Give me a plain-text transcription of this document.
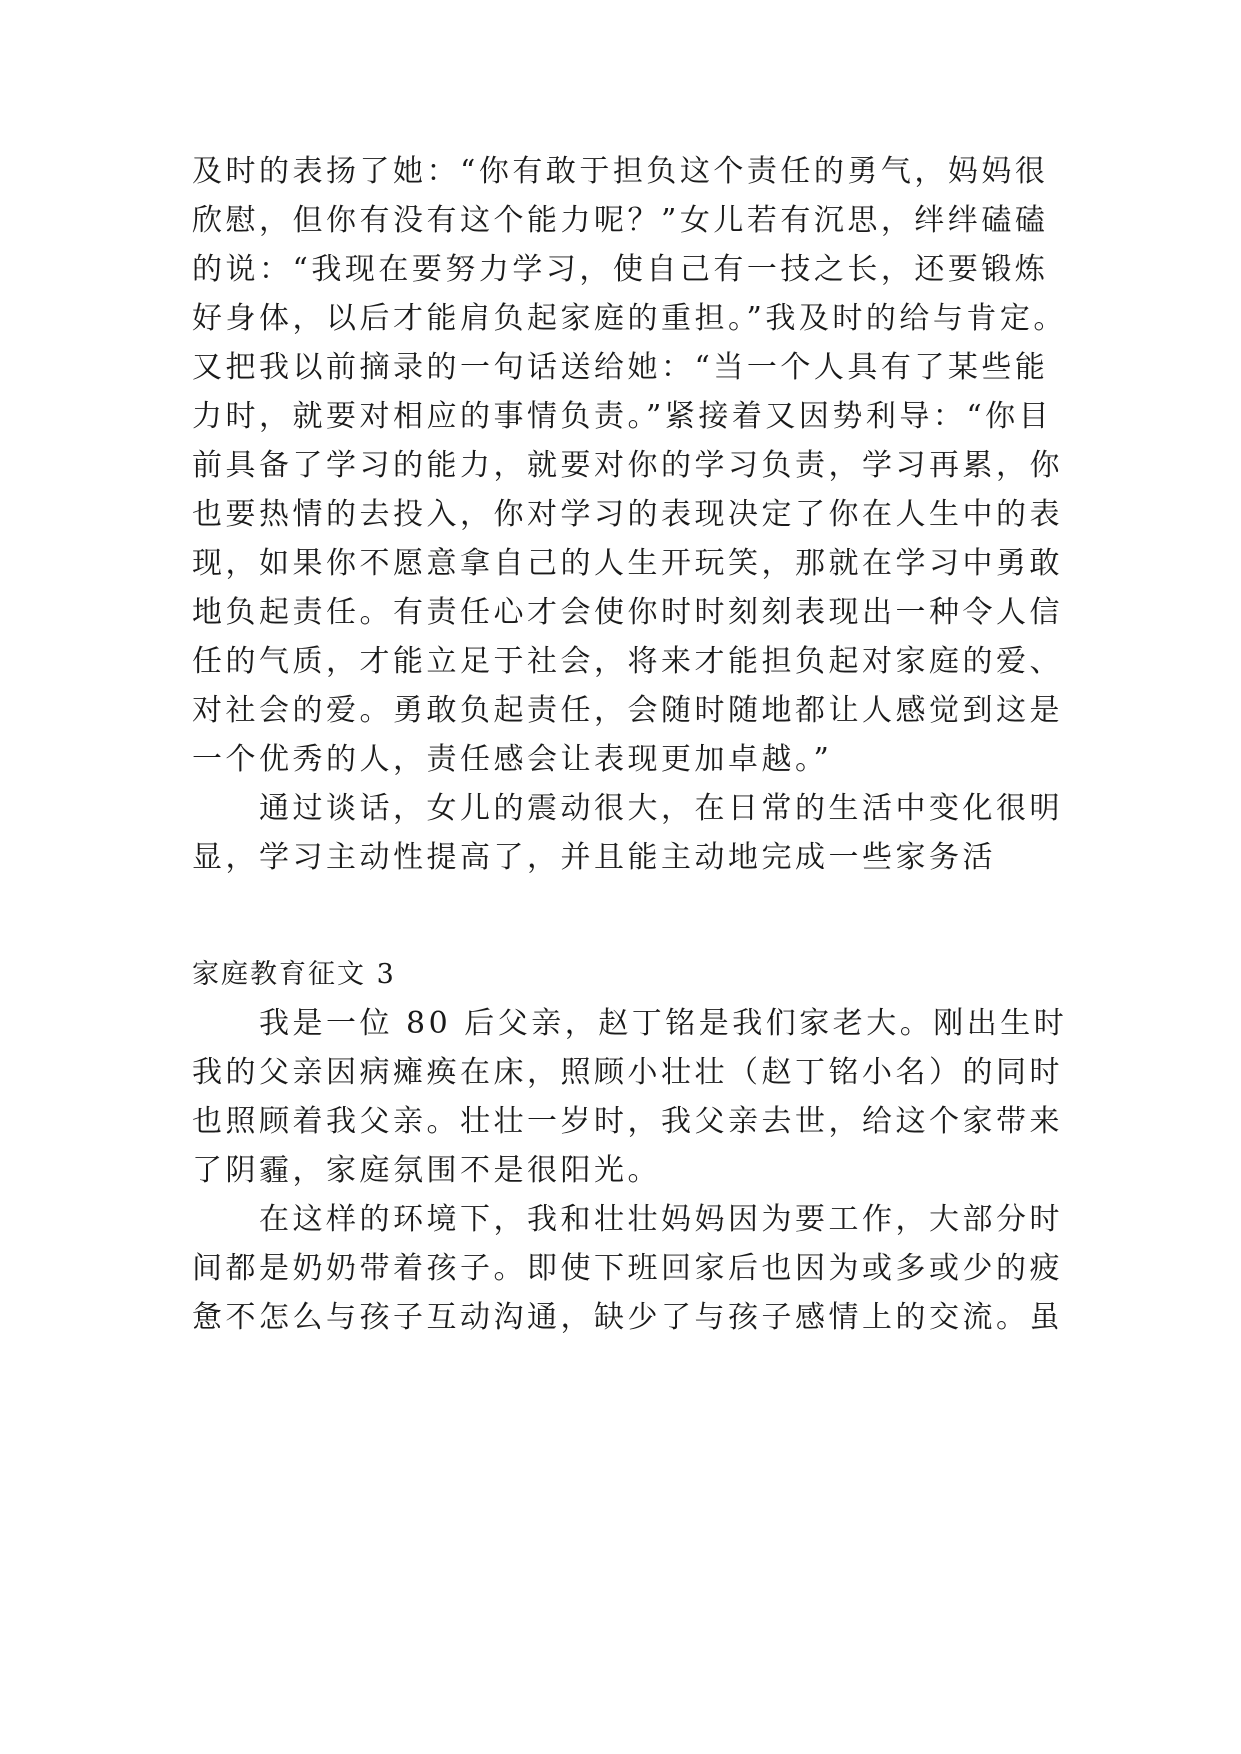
及时的表扬了她：“你有敢于担负这个责任的勇气，妈妈很
欣慰，但你有没有这个能力呢？”女儿若有沉思，绊绊磕磕
的说：“我现在要努力学习，使自己有一技之长，还要锻炼
好身体，以后才能肩负起家庭的重担。”我及时的给与肯定。
又把我以前摘录的一句话送给她：“当一个人具有了某些能
力时，就要对相应的事情负责。”紧接着又因势利导：“你目
前具备了学习的能力，就要对你的学习负责，学习再累，你
也要热情的去投入，你对学习的表现决定了你在人生中的表
现，如果你不愿意拿自己的人生开玩笑，那就在学习中勇敢
地负起责任。有责任心才会使你时时刻刻表现出一种令人信
任的气质，才能立足于社会，将来才能担负起对家庭的爱、
对社会的爱。勇敢负起责任，会随时随地都让人感觉到这是
一个优秀的人，责任感会让表现更加卓越。”
　　通过谈话，女儿的震动很大，在日常的生活中变化很明
显，学习主动性提高了，并且能主动地完成一些家务活
家庭教育征文 3
　　我是一位 80 后父亲，赵丁铭是我们家老大。刚出生时
我的父亲因病瘫痪在床，照顾小壮壮（赵丁铭小名）的同时
也照顾着我父亲。壮壮一岁时，我父亲去世，给这个家带来
了阴霾，家庭氛围不是很阳光。
　　在这样的环境下，我和壮壮妈妈因为要工作，大部分时
间都是奶奶带着孩子。即使下班回家后也因为或多或少的疲
惫不怎么与孩子互动沟通，缺少了与孩子感情上的交流。虽
